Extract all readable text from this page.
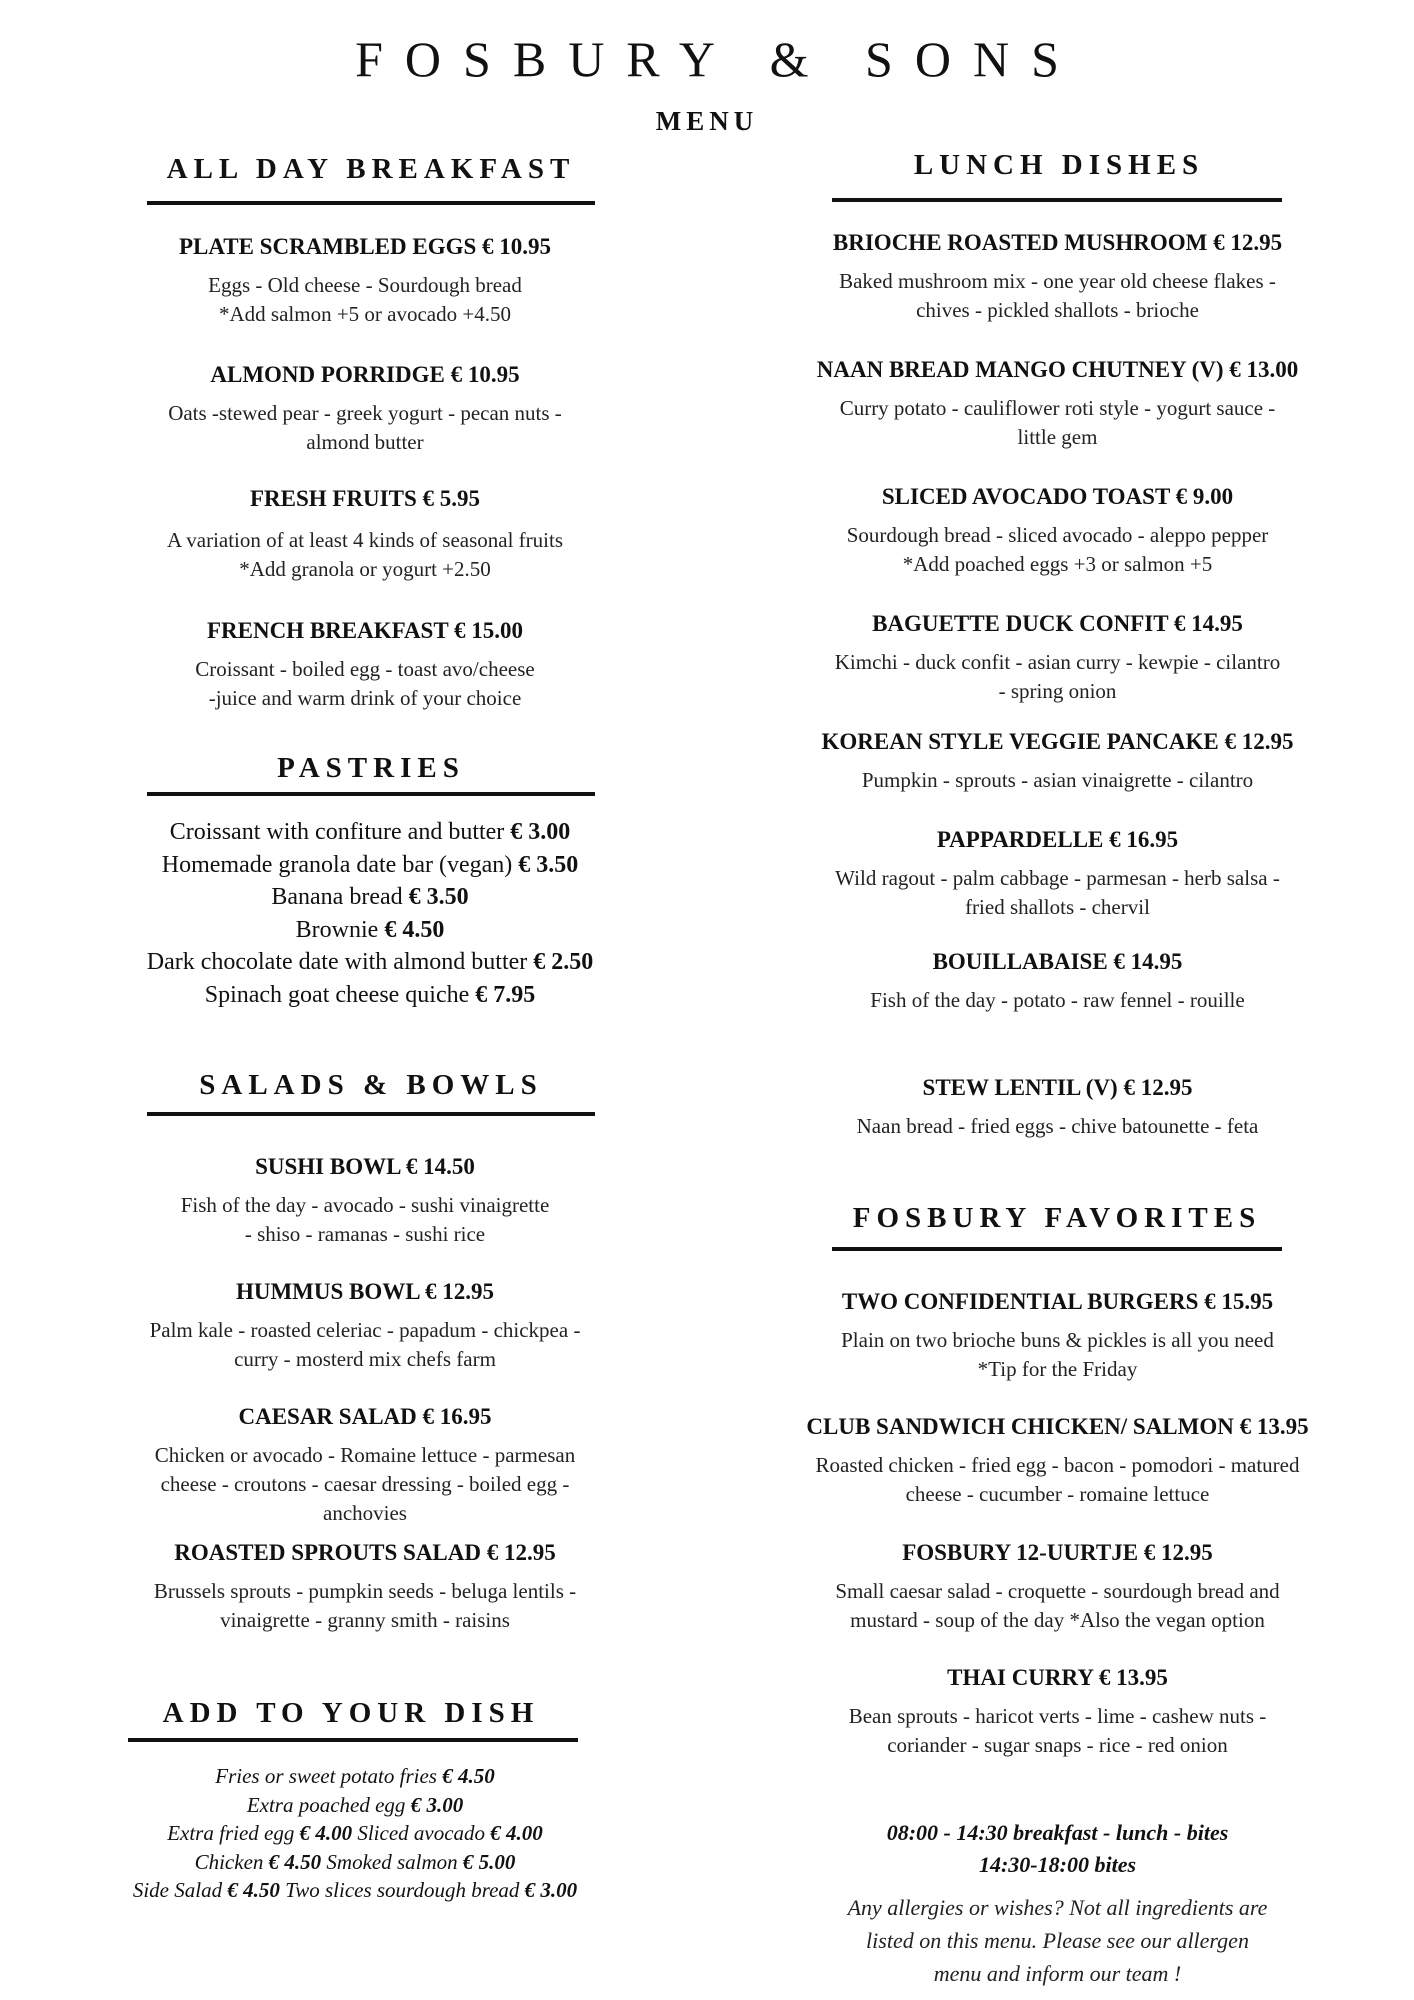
FOSBURY & SONS
MENU
ALL DAY BREAKFAST
PLATE SCRAMBLED EGGS € 10.95
Eggs - Old cheese - Sourdough bread
*Add salmon +5 or avocado +4.50
ALMOND PORRIDGE € 10.95
Oats -stewed pear - greek yogurt - pecan nuts -
almond butter
FRESH FRUITS € 5.95
A variation of at least 4 kinds of seasonal fruits
*Add granola or yogurt +2.50
FRENCH BREAKFAST € 15.00
Croissant - boiled egg - toast avo/cheese
-juice and warm drink of your choice
PASTRIES
Croissant with confiture and butter € 3.00
Homemade granola date bar (vegan) € 3.50
Banana bread € 3.50
Brownie € 4.50
Dark chocolate date with almond butter € 2.50
Spinach goat cheese quiche € 7.95
SALADS & BOWLS
SUSHI BOWL € 14.50
Fish of the day - avocado - sushi vinaigrette
- shiso - ramanas - sushi rice
HUMMUS BOWL € 12.95
Palm kale - roasted celeriac - papadum - chickpea -
curry - mosterd mix chefs farm
CAESAR SALAD € 16.95
Chicken or avocado - Romaine lettuce - parmesan
cheese - croutons - caesar dressing - boiled egg -
anchovies
ROASTED SPROUTS SALAD € 12.95
Brussels sprouts - pumpkin seeds - beluga lentils -
vinaigrette - granny smith - raisins
ADD TO YOUR DISH
Fries or sweet potato fries € 4.50
Extra poached egg € 3.00
Extra fried egg € 4.00 Sliced avocado € 4.00
Chicken € 4.50 Smoked salmon € 5.00
Side Salad € 4.50 Two slices sourdough bread € 3.00
LUNCH DISHES
BRIOCHE ROASTED MUSHROOM € 12.95
Baked mushroom mix - one year old cheese flakes -
chives - pickled shallots - brioche
NAAN BREAD MANGO CHUTNEY (V) € 13.00
Curry potato - cauliflower roti style - yogurt sauce -
little gem
SLICED AVOCADO TOAST € 9.00
Sourdough bread - sliced avocado - aleppo pepper
*Add poached eggs +3 or salmon +5
BAGUETTE DUCK CONFIT € 14.95
Kimchi - duck confit - asian curry - kewpie - cilantro
- spring onion
KOREAN STYLE VEGGIE PANCAKE € 12.95
Pumpkin - sprouts - asian vinaigrette - cilantro
PAPPARDELLE € 16.95
Wild ragout - palm cabbage - parmesan - herb salsa -
fried shallots - chervil
BOUILLABAISE € 14.95
Fish of the day - potato - raw fennel - rouille
STEW LENTIL (V) € 12.95
Naan bread - fried eggs - chive batounette - feta
FOSBURY FAVORITES
TWO CONFIDENTIAL BURGERS € 15.95
Plain on two brioche buns & pickles is all you need
*Tip for the Friday
CLUB SANDWICH CHICKEN/ SALMON € 13.95
Roasted chicken - fried egg - bacon - pomodori - matured
cheese - cucumber - romaine lettuce
FOSBURY 12-UURTJE € 12.95
Small caesar salad - croquette - sourdough bread and
mustard - soup of the day *Also the vegan option
THAI CURRY € 13.95
Bean sprouts - haricot verts - lime - cashew nuts -
coriander - sugar snaps - rice - red onion
08:00 - 14:30 breakfast - lunch - bites
14:30-18:00 bites
Any allergies or wishes? Not all ingredients are
listed on this menu. Please see our allergen
menu and inform our team !
